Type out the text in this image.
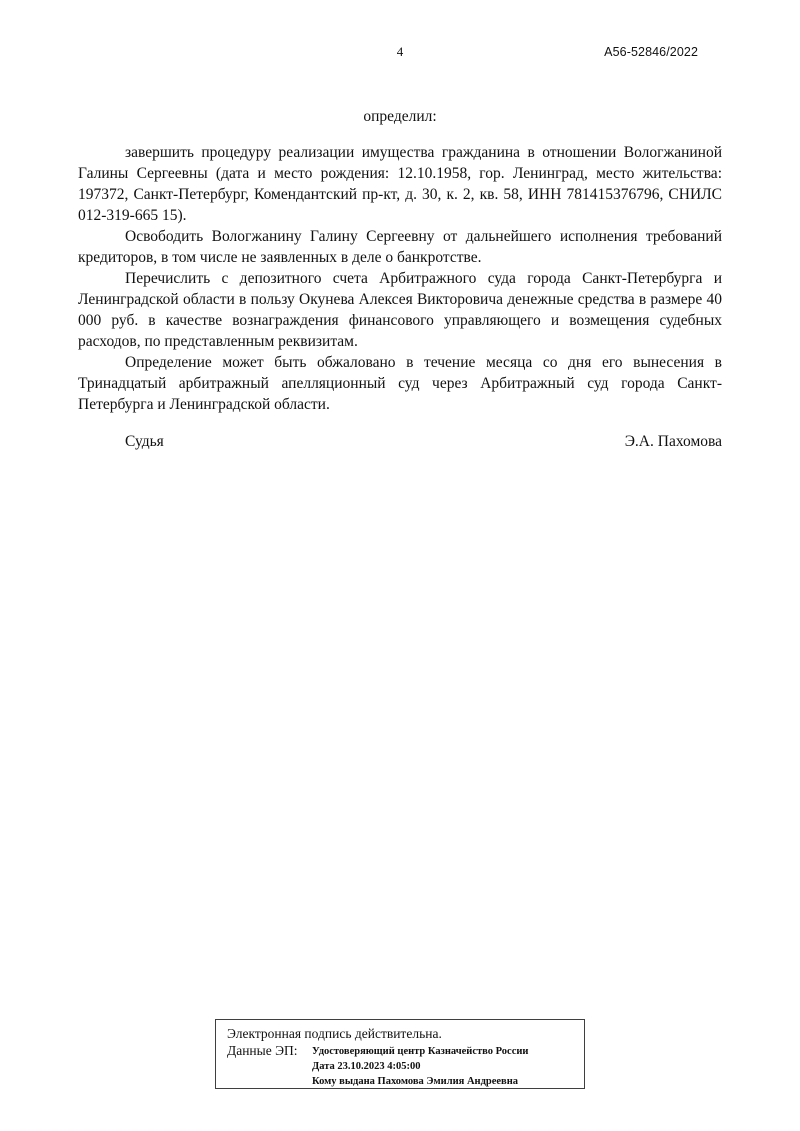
4	А56-52846/2022
определил:

завершить процедуру реализации имущества гражданина в отношении Вологжаниной Галины Сергеевны (дата и место рождения: 12.10.1958, гор. Ленинград, место жительства: 197372, Санкт-Петербург, Комендантский пр-кт, д. 30, к. 2, кв. 58, ИНН 781415376796, СНИЛС 012-319-665 15).

Освободить Вологжанину Галину Сергеевну от дальнейшего исполнения требований кредиторов, в том числе не заявленных в деле о банкротстве.

Перечислить с депозитного счета Арбитражного суда города Санкт-Петербурга и Ленинградской области в пользу Окунева Алексея Викторовича денежные средства в размере 40 000 руб. в качестве вознаграждения финансового управляющего и возмещения судебных расходов, по представленным реквизитам.

Определение может быть обжаловано в течение месяца со дня его вынесения в Тринадцатый арбитражный апелляционный суд через Арбитражный суд города Санкт-Петербурга и Ленинградской области.

Судья	Э.А. Пахомова
Электронная подпись действительна.
Данные ЭП:	Удостоверяющий центр Казначейство России
Дата 23.10.2023 4:05:00
Кому выдана Пахомова Эмилия Андреевна
